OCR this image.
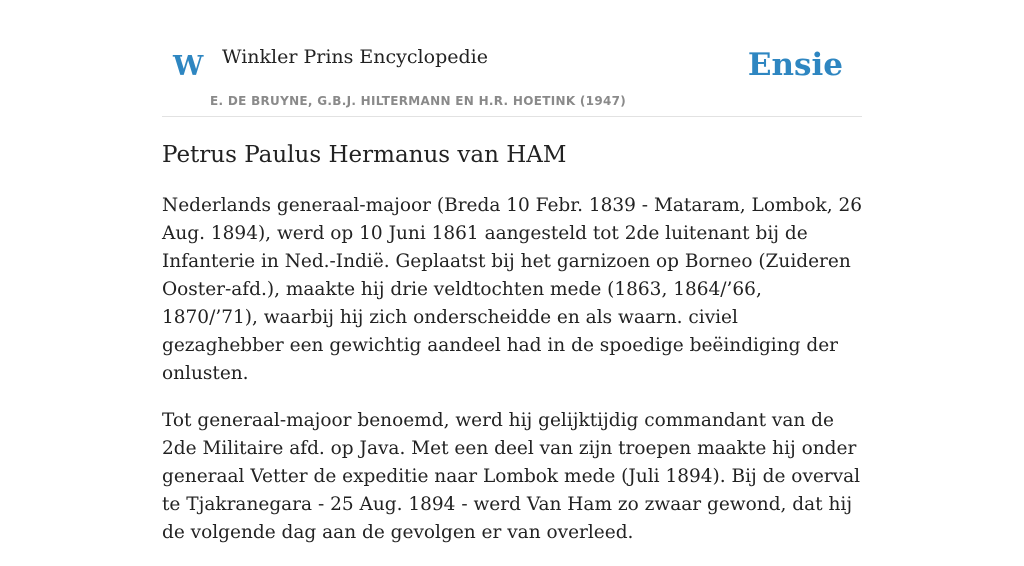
W Winkler Prins Encyclopedie
E. DE BRUYNE, G.B.J. HILTERMANN EN H.R. HOETINK (1947)
Ensie
Petrus Paulus Hermanus van HAM

Nederlands generaal-majoor (Breda 10 Febr. 1839 - Mataram, Lombok, 26 Aug. 1894), werd op 10 Juni 1861 aangesteld tot 2de luitenant bij de Infanterie in Ned.-Indië. Geplaatst bij het garnizoen op Borneo (Zuideren Ooster-afd.), maakte hij drie veldtochten mede (1863, 1864/’66, 1870/’71), waarbij hij zich onderscheidde en als waarn. civiel gezaghebber een gewichtig aandeel had in de spoedige beëindiging der onlusten.

Tot generaal-majoor benoemd, werd hij gelijktijdig commandant van de 2de Militaire afd. op Java. Met een deel van zijn troepen maakte hij onder generaal Vetter de expeditie naar Lombok mede (Juli 1894). Bij de overval te Tjakranegara - 25 Aug. 1894 - werd Van Ham zo zwaar gewond, dat hij de volgende dag aan de gevolgen er van overleed.
